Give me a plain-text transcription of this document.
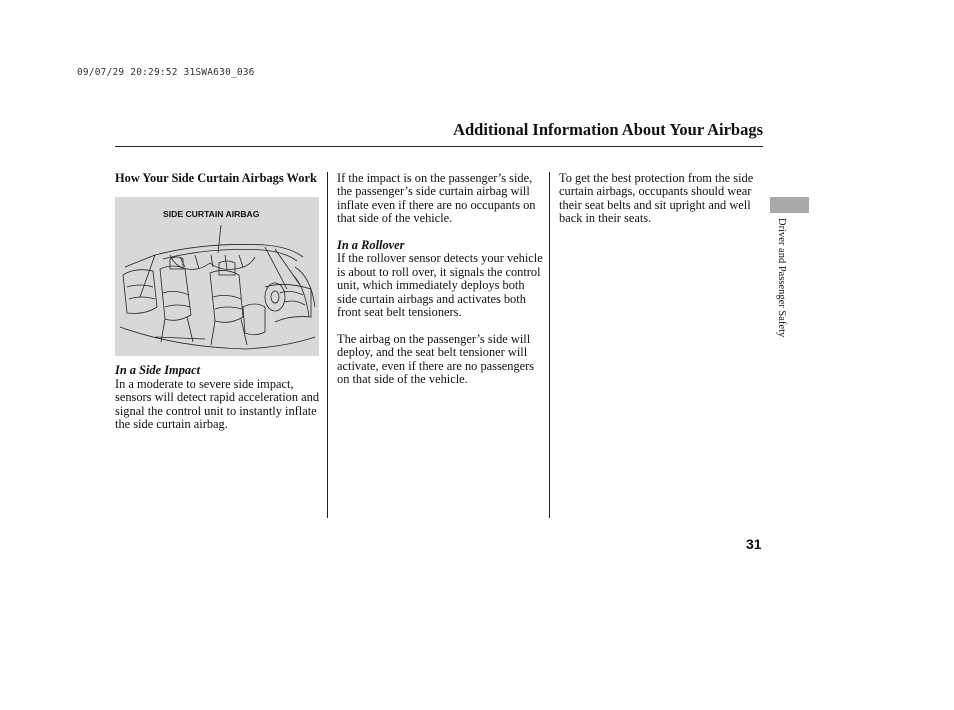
09/07/29 20:29:52 31SWA630_036
Additional Information About Your Airbags

How Your Side Curtain Airbags Work

SIDE CURTAIN AIRBAG

In a Side Impact

In a moderate to severe side impact, sensors will detect rapid acceleration and signal the control unit to instantly inflate the side curtain airbag.

If the impact is on the passenger’s side, the passenger’s side curtain airbag will inflate even if there are no occupants on that side of the vehicle.

In a Rollover

If the rollover sensor detects your vehicle is about to roll over, it signals the control unit, which immediately deploys both side curtain airbags and activates both front seat belt tensioners.

The airbag on the passenger’s side will deploy, and the seat belt tensioner will activate, even if there are no passengers on that side of the vehicle.

To get the best protection from the side curtain airbags, occupants should wear their seat belts and sit upright and well back in their seats.	Driver and Passenger Safety
31
